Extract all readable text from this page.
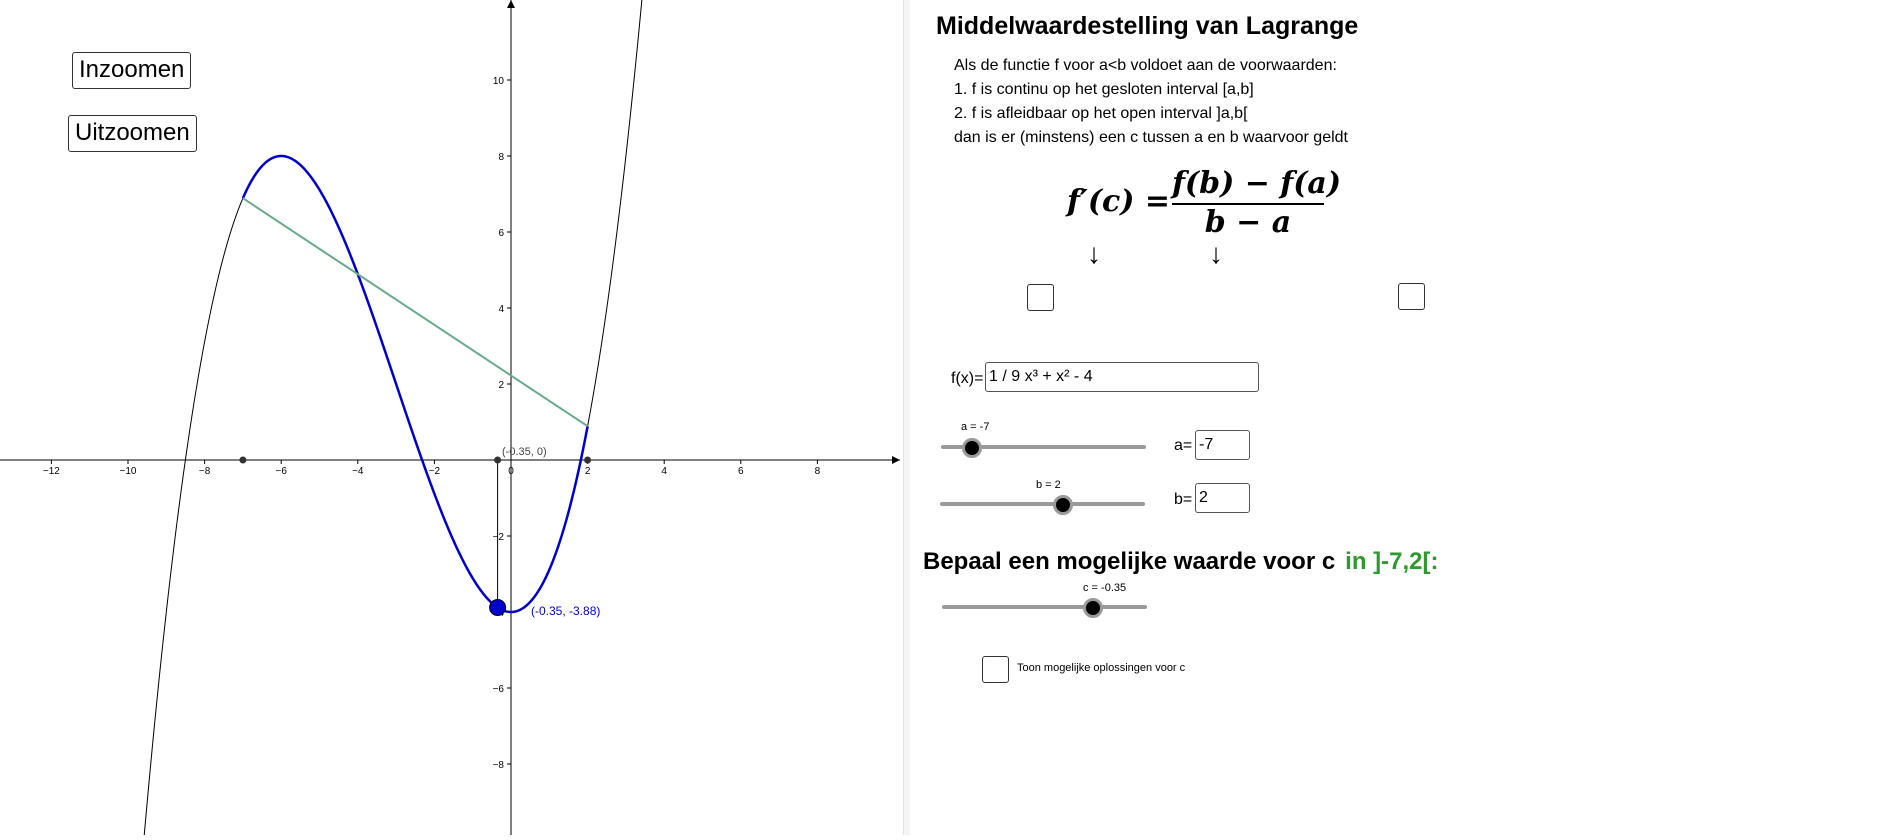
−12	−10	−8	−6	−4	−2	0	2	4	6	8
10
8
6
4
2
−2
−6
−8
(-0.35, 0)
(-0.35, -3.88)
Inzoomen
Uitzoomen
Middelwaardestelling van Lagrange
Als de functie f voor a<b voldoet aan de voorwaarden:
1. f is continu op het gesloten interval [a,b]
2. f is afleidbaar op het open interval ]a,b[
dan is er (minstens) een c tussen a en b waarvoor geldt
f′(c) =
f(b) − f(a)
b − a
↓	↓
f(x)= 1 / 9 x³ + x² - 4
a = -7
a= -7
b = 2
b= 2
Bepaal een mogelijke waarde voor c in ]-7,2[:
c = -0.35
Toon mogelijke oplossingen voor c
